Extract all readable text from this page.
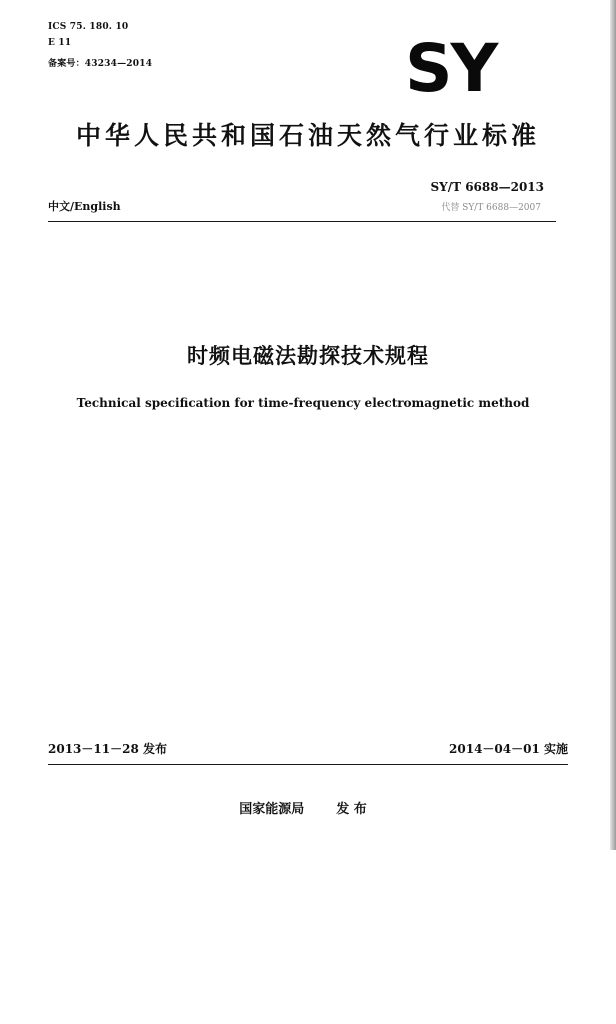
ICS 75. 180. 10
E 11
备案号：43234—2014	SY
中华人民共和国石油天然气行业标准
SY/T 6688—2013
代替 SY/T 6688—2007
中文/English
时频电磁法勘探技术规程
Technical specification for time-frequency electromagnetic method
2013－11－28 发布	2014－04－01 实施
国家能源局 发 布
